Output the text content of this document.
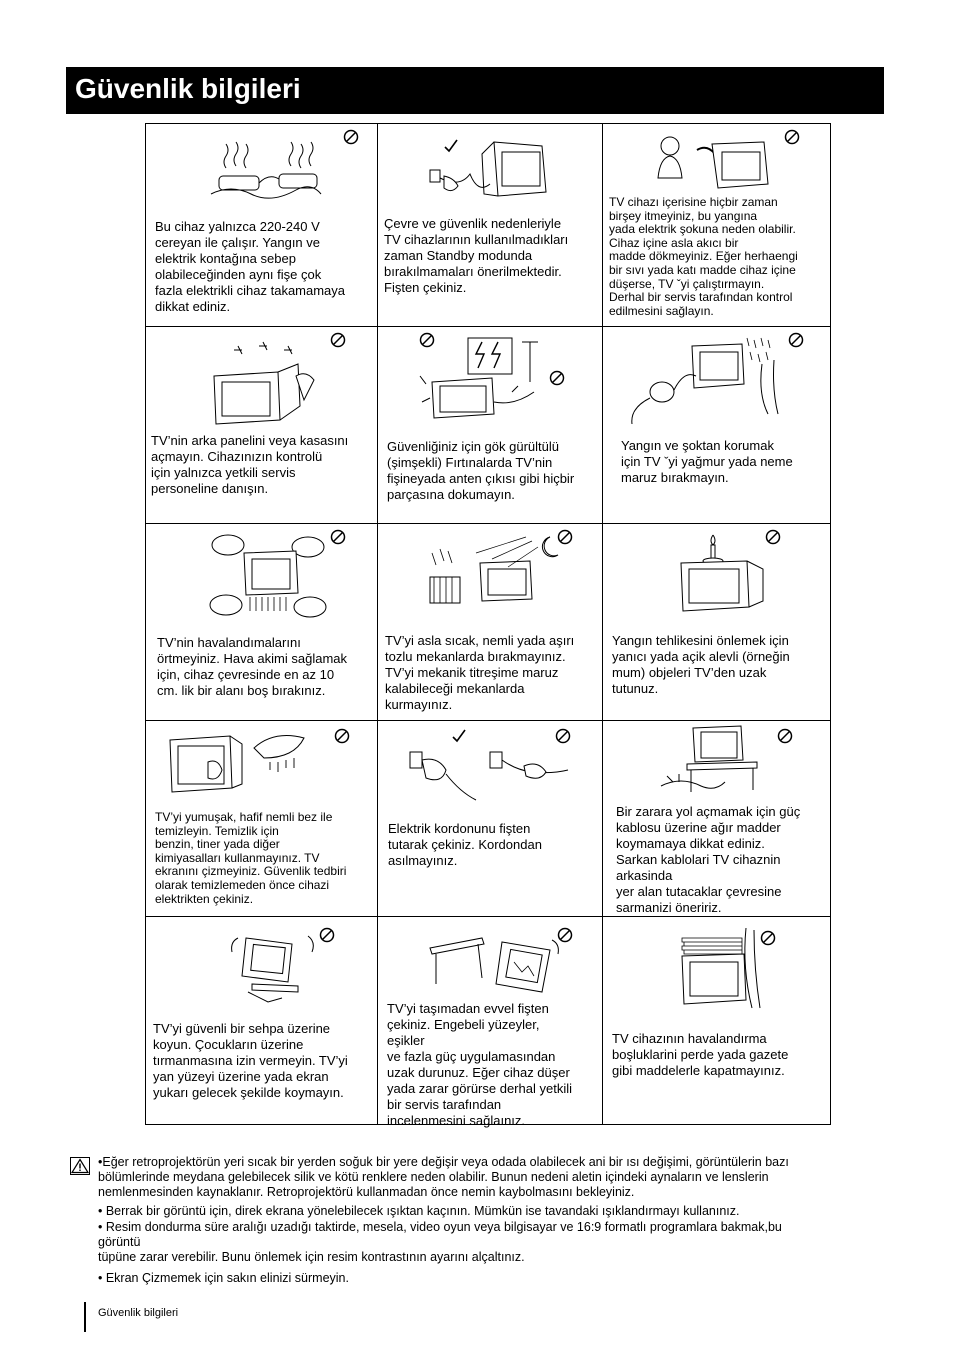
Güvenlik bilgileri
Bu cihaz yalnızca 220-240 V
cereyan ile çalışır. Yangın ve
elektrik kontağına sebep
olabileceğinden aynı fişe çok
fazla elektrikli cihaz takamamaya
dikkat ediniz.
Çevre ve güvenlik nedenleriyle
TV cihazlarının kullanılmadıkları
zaman Standby modunda
bırakılmamaları önerilmektedir.
Fişten çekiniz.
TV cihazı içerisine hiçbir zaman
birşey itmeyiniz, bu yangına
yada elektrik şokuna neden olabilir.
Cihaz içine asla akıcı bir
madde dökmeyiniz. Eğer herhaengi
bir sıvı yada katı madde cihaz içine
düşerse, TV ˇyi çalıştırmayın.
Derhal bir servis tarafından kontrol
edilmesini sağlayın.
TV’nin arka panelini veya kasasını
açmayın. Cihazınızın kontrolü
için yalnızca yetkili servis
personeline danışın.
Güvenliğiniz için gök gürültülü
(şimşekli) Fırtınalarda TV’nin
fişineyada anten çıkısı gibi hiçbir
parçasına dokumayın.
Yangın ve şoktan korumak
için TV ˇyi yağmur yada neme
maruz bırakmayın.
TV’nin havalandımalarını
örtmeyiniz. Hava akimi sağlamak
için, cihaz çevresinde en az 10
cm. lik bir alanı boş bırakınız.
TV’yi asla sıcak, nemli yada aşırı
tozlu mekanlarda bırakmayınız.
TV’yi mekanik titreşime maruz
kalabileceği mekanlarda
kurmayınız.
Yangın tehlikesini önlemek için
yanıcı yada açik alevli (örneğin
mum) objeleri TV’den uzak
tutunuz.
TV’yi yumuşak, hafif nemli bez ile
temizleyin. Temizlik için
benzin, tiner yada diğer
kimiyasalları kullanmayınız. TV
ekranını çizmeyiniz. Güvenlik tedbiri
olarak temizlemeden önce cihazi
elektrikten çekiniz.
Elektrik kordonunu fişten
tutarak çekiniz. Kordondan
asılmayınız.
Bir zarara yol açmamak için güç
kablosu üzerine ağır madder
koymamaya dikkat ediniz.
Sarkan kablolari TV cihaznin
arkasinda
yer alan tutacaklar çevresine
sarmanizi öneririz.
TV’yi güvenli bir sehpa üzerine
koyun. Çocukların üzerine
tırmanmasına izin vermeyin. TV’yi
yan yüzeyi üzerine yada ekran
yukarı gelecek şekilde koymayın.
TV’yi taşımadan evvel fişten
çekiniz. Engebeli yüzeyler,
eşikler
ve fazla güç uygulamasından
uzak durunuz. Eğer cihaz düşer
yada zarar görürse derhal yetkili
bir servis tarafından
incelenmesini sağlaınız.
TV cihazının havalandırma
boşluklarini perde yada gazete
gibi maddelerle kapatmayınız.
•Eğer retroprojektörün yeri sıcak bir yerden soğuk bir yere değişir veya odada olabilecek ani bir ısı değişimi, görüntülerin bazı
bölümlerinde meydana gelebilecek silik ve kötü renklere neden olabilir. Bunun nedeni aletin içindeki aynaların ve lenslerin
nemlenmesinden kaynaklanır. Retroprojektörü kullanmadan önce nemin kaybolmasını bekleyiniz.
• Berrak bir görüntü için, direk ekrana yönelebilecek ışıktan kaçının. Mümkün ise tavandaki ışıklandırmayı kullanınız.
• Resim dondurma süre aralığı uzadığı taktirde, mesela, video oyun veya bilgisayar ve 16:9 formatlı programlara bakmak,bu
görüntü
tüpüne zarar verebilir. Bunu önlemek için resim kontrastının ayarını alçaltınız.
• Ekran Çizmemek için sakın elinizi sürmeyin.
Güvenlik bilgileri
